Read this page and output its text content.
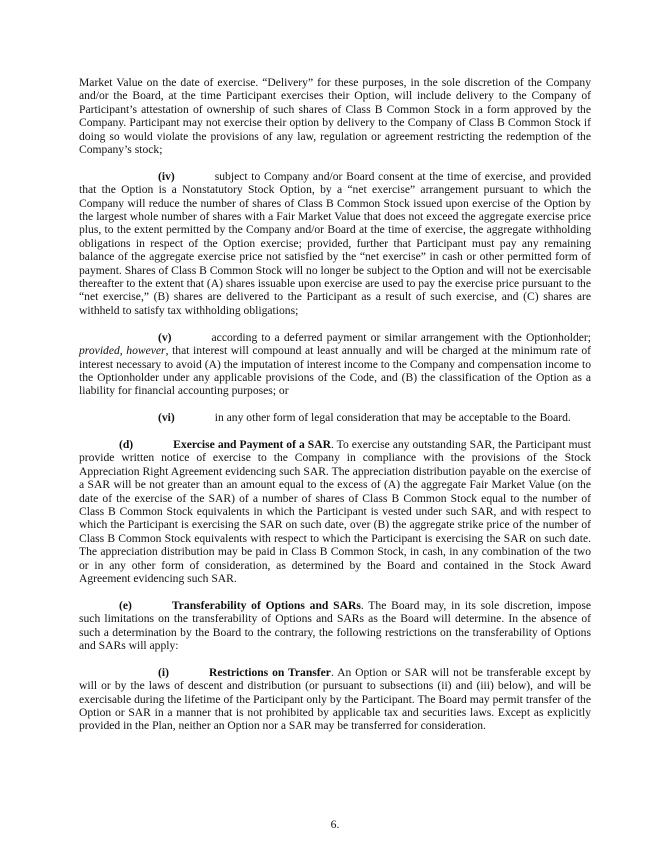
Market Value on the date of exercise. “Delivery” for these purposes, in the sole discretion of the Company and/or the Board, at the time Participant exercises their Option, will include delivery to the Company of Participant’s attestation of ownership of such shares of Class B Common Stock in a form approved by the Company. Participant may not exercise their option by delivery to the Company of Class B Common Stock if doing so would violate the provisions of any law, regulation or agreement restricting the redemption of the Company’s stock;

(iv)	subject to Company and/or Board consent at the time of exercise, and provided that the Option is a Nonstatutory Stock Option, by a “net exercise” arrangement pursuant to which the Company will reduce the number of shares of Class B Common Stock issued upon exercise of the Option by the largest whole number of shares with a Fair Market Value that does not exceed the aggregate exercise price plus, to the extent permitted by the Company and/or Board at the time of exercise, the aggregate withholding obligations in respect of the Option exercise; provided, further that Participant must pay any remaining balance of the aggregate exercise price not satisfied by the “net exercise” in cash or other permitted form of payment. Shares of Class B Common Stock will no longer be subject to the Option and will not be exercisable thereafter to the extent that (A) shares issuable upon exercise are used to pay the exercise price pursuant to the “net exercise,” (B) shares are delivered to the Participant as a result of such exercise, and (C) shares are withheld to satisfy tax withholding obligations;

(v)	according to a deferred payment or similar arrangement with the Optionholder; provided, however, that interest will compound at least annually and will be charged at the minimum rate of interest necessary to avoid (A) the imputation of interest income to the Company and compensation income to the Optionholder under any applicable provisions of the Code, and (B) the classification of the Option as a liability for financial accounting purposes; or

(vi)	in any other form of legal consideration that may be acceptable to the Board.

(d)	Exercise and Payment of a SAR. To exercise any outstanding SAR, the Participant must provide written notice of exercise to the Company in compliance with the provisions of the Stock Appreciation Right Agreement evidencing such SAR. The appreciation distribution payable on the exercise of a SAR will be not greater than an amount equal to the excess of (A) the aggregate Fair Market Value (on the date of the exercise of the SAR) of a number of shares of Class B Common Stock equal to the number of Class B Common Stock equivalents in which the Participant is vested under such SAR, and with respect to which the Participant is exercising the SAR on such date, over (B) the aggregate strike price of the number of Class B Common Stock equivalents with respect to which the Participant is exercising the SAR on such date. The appreciation distribution may be paid in Class B Common Stock, in cash, in any combination of the two or in any other form of consideration, as determined by the Board and contained in the Stock Award Agreement evidencing such SAR.

(e)	Transferability of Options and SARs. The Board may, in its sole discretion, impose such limitations on the transferability of Options and SARs as the Board will determine. In the absence of such a determination by the Board to the contrary, the following restrictions on the transferability of Options and SARs will apply:

(i)	Restrictions on Transfer. An Option or SAR will not be transferable except by will or by the laws of descent and distribution (or pursuant to subsections (ii) and (iii) below), and will be exercisable during the lifetime of the Participant only by the Participant. The Board may permit transfer of the Option or SAR in a manner that is not prohibited by applicable tax and securities laws. Except as explicitly provided in the Plan, neither an Option nor a SAR may be transferred for consideration.

6.
